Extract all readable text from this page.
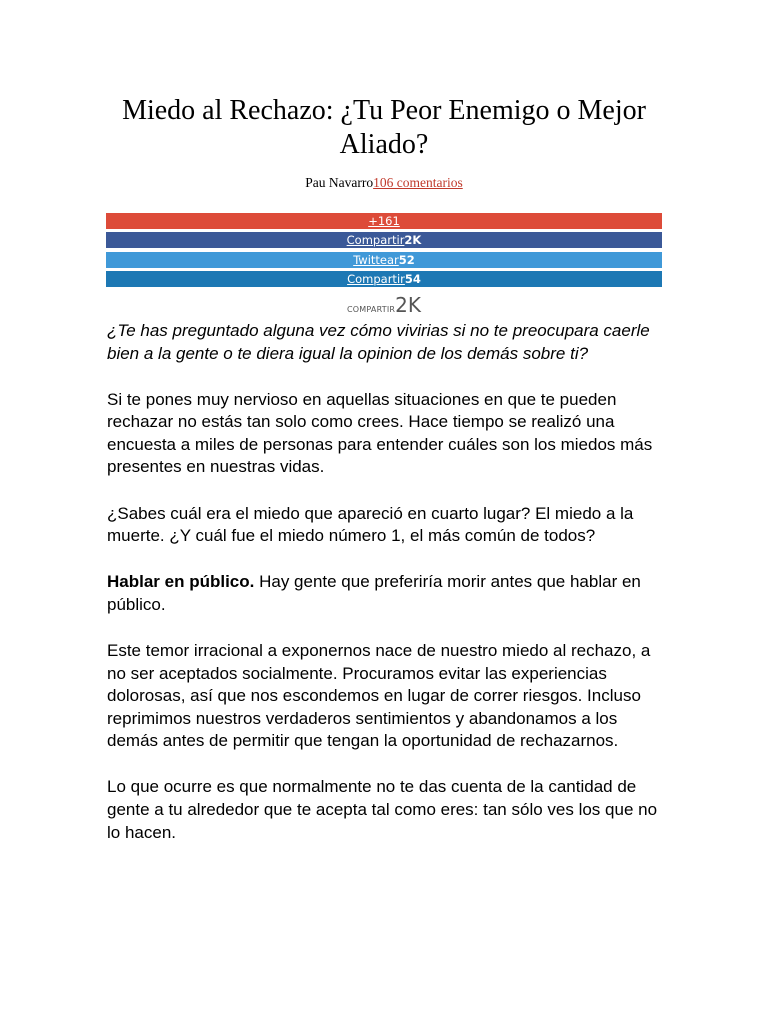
Miedo al Rechazo: ¿Tu Peor Enemigo o Mejor Aliado?
Pau Navarro106 comentarios
+161
Compartir2K
Twittear52
Compartir54
COMPARTIR2K

¿Te has preguntado alguna vez cómo vivirias si no te preocupara caerle bien a la gente o te diera igual la opinion de los demás sobre ti?

Si te pones muy nervioso en aquellas situaciones en que te pueden rechazar no estás tan solo como crees. Hace tiempo se realizó una encuesta a miles de personas para entender cuáles son los miedos más presentes en nuestras vidas.

¿Sabes cuál era el miedo que apareció en cuarto lugar? El miedo a la muerte. ¿Y cuál fue el miedo número 1, el más común de todos?

Hablar en público. Hay gente que preferiría morir antes que hablar en público.

Este temor irracional a exponernos nace de nuestro miedo al rechazo, a no ser aceptados socialmente. Procuramos evitar las experiencias dolorosas, así que nos escondemos en lugar de correr riesgos. Incluso reprimimos nuestros verdaderos sentimientos y abandonamos a los demás antes de permitir que tengan la oportunidad de rechazarnos.

Lo que ocurre es que normalmente no te das cuenta de la cantidad de gente a tu alrededor que te acepta tal como eres: tan sólo ves los que no lo hacen.
